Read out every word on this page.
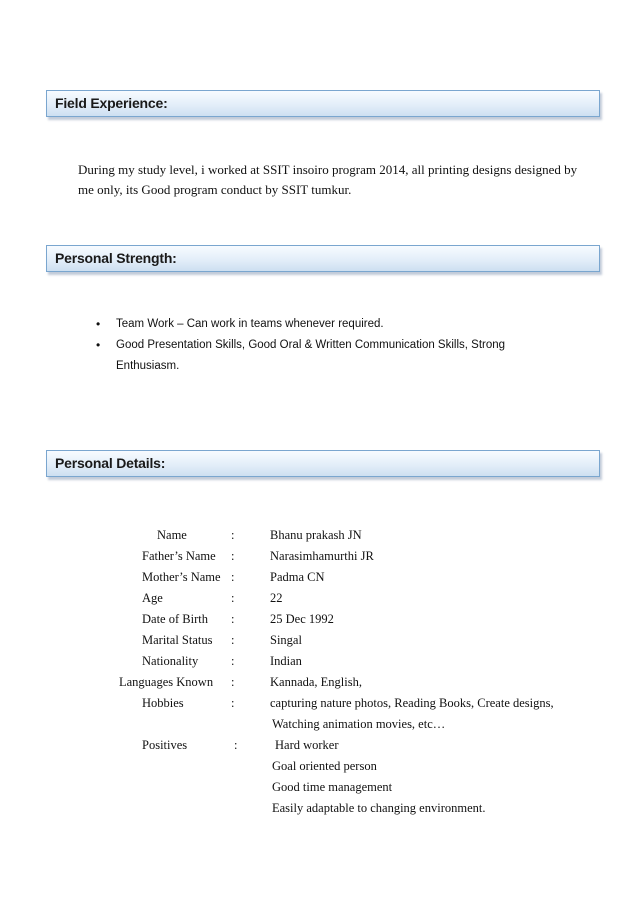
Field Experience:
During my study level, i worked at SSIT insoiro program 2014, all printing designs designed by
me only, its Good program conduct by SSIT tumkur.
Personal Strength:
• Team Work – Can work in teams whenever required.
• Good Presentation Skills, Good Oral & Written Communication Skills, Strong Enthusiasm.
Personal Details:
Name	:	Bhanu prakash JN
Father’s Name :	Narasimhamurthi JR
Mother’s Name :	Padma CN
Age	:	22
Date of Birth :	25 Dec 1992
Marital Status :	Singal
Nationality	:	Indian
Languages Known :	Kannada, English,
Hobbies	:	capturing nature photos, Reading Books, Create designs,
Watching animation movies, etc…
Positives	:	Hard worker
Goal oriented person
Good time management
Easily adaptable to changing environment.
